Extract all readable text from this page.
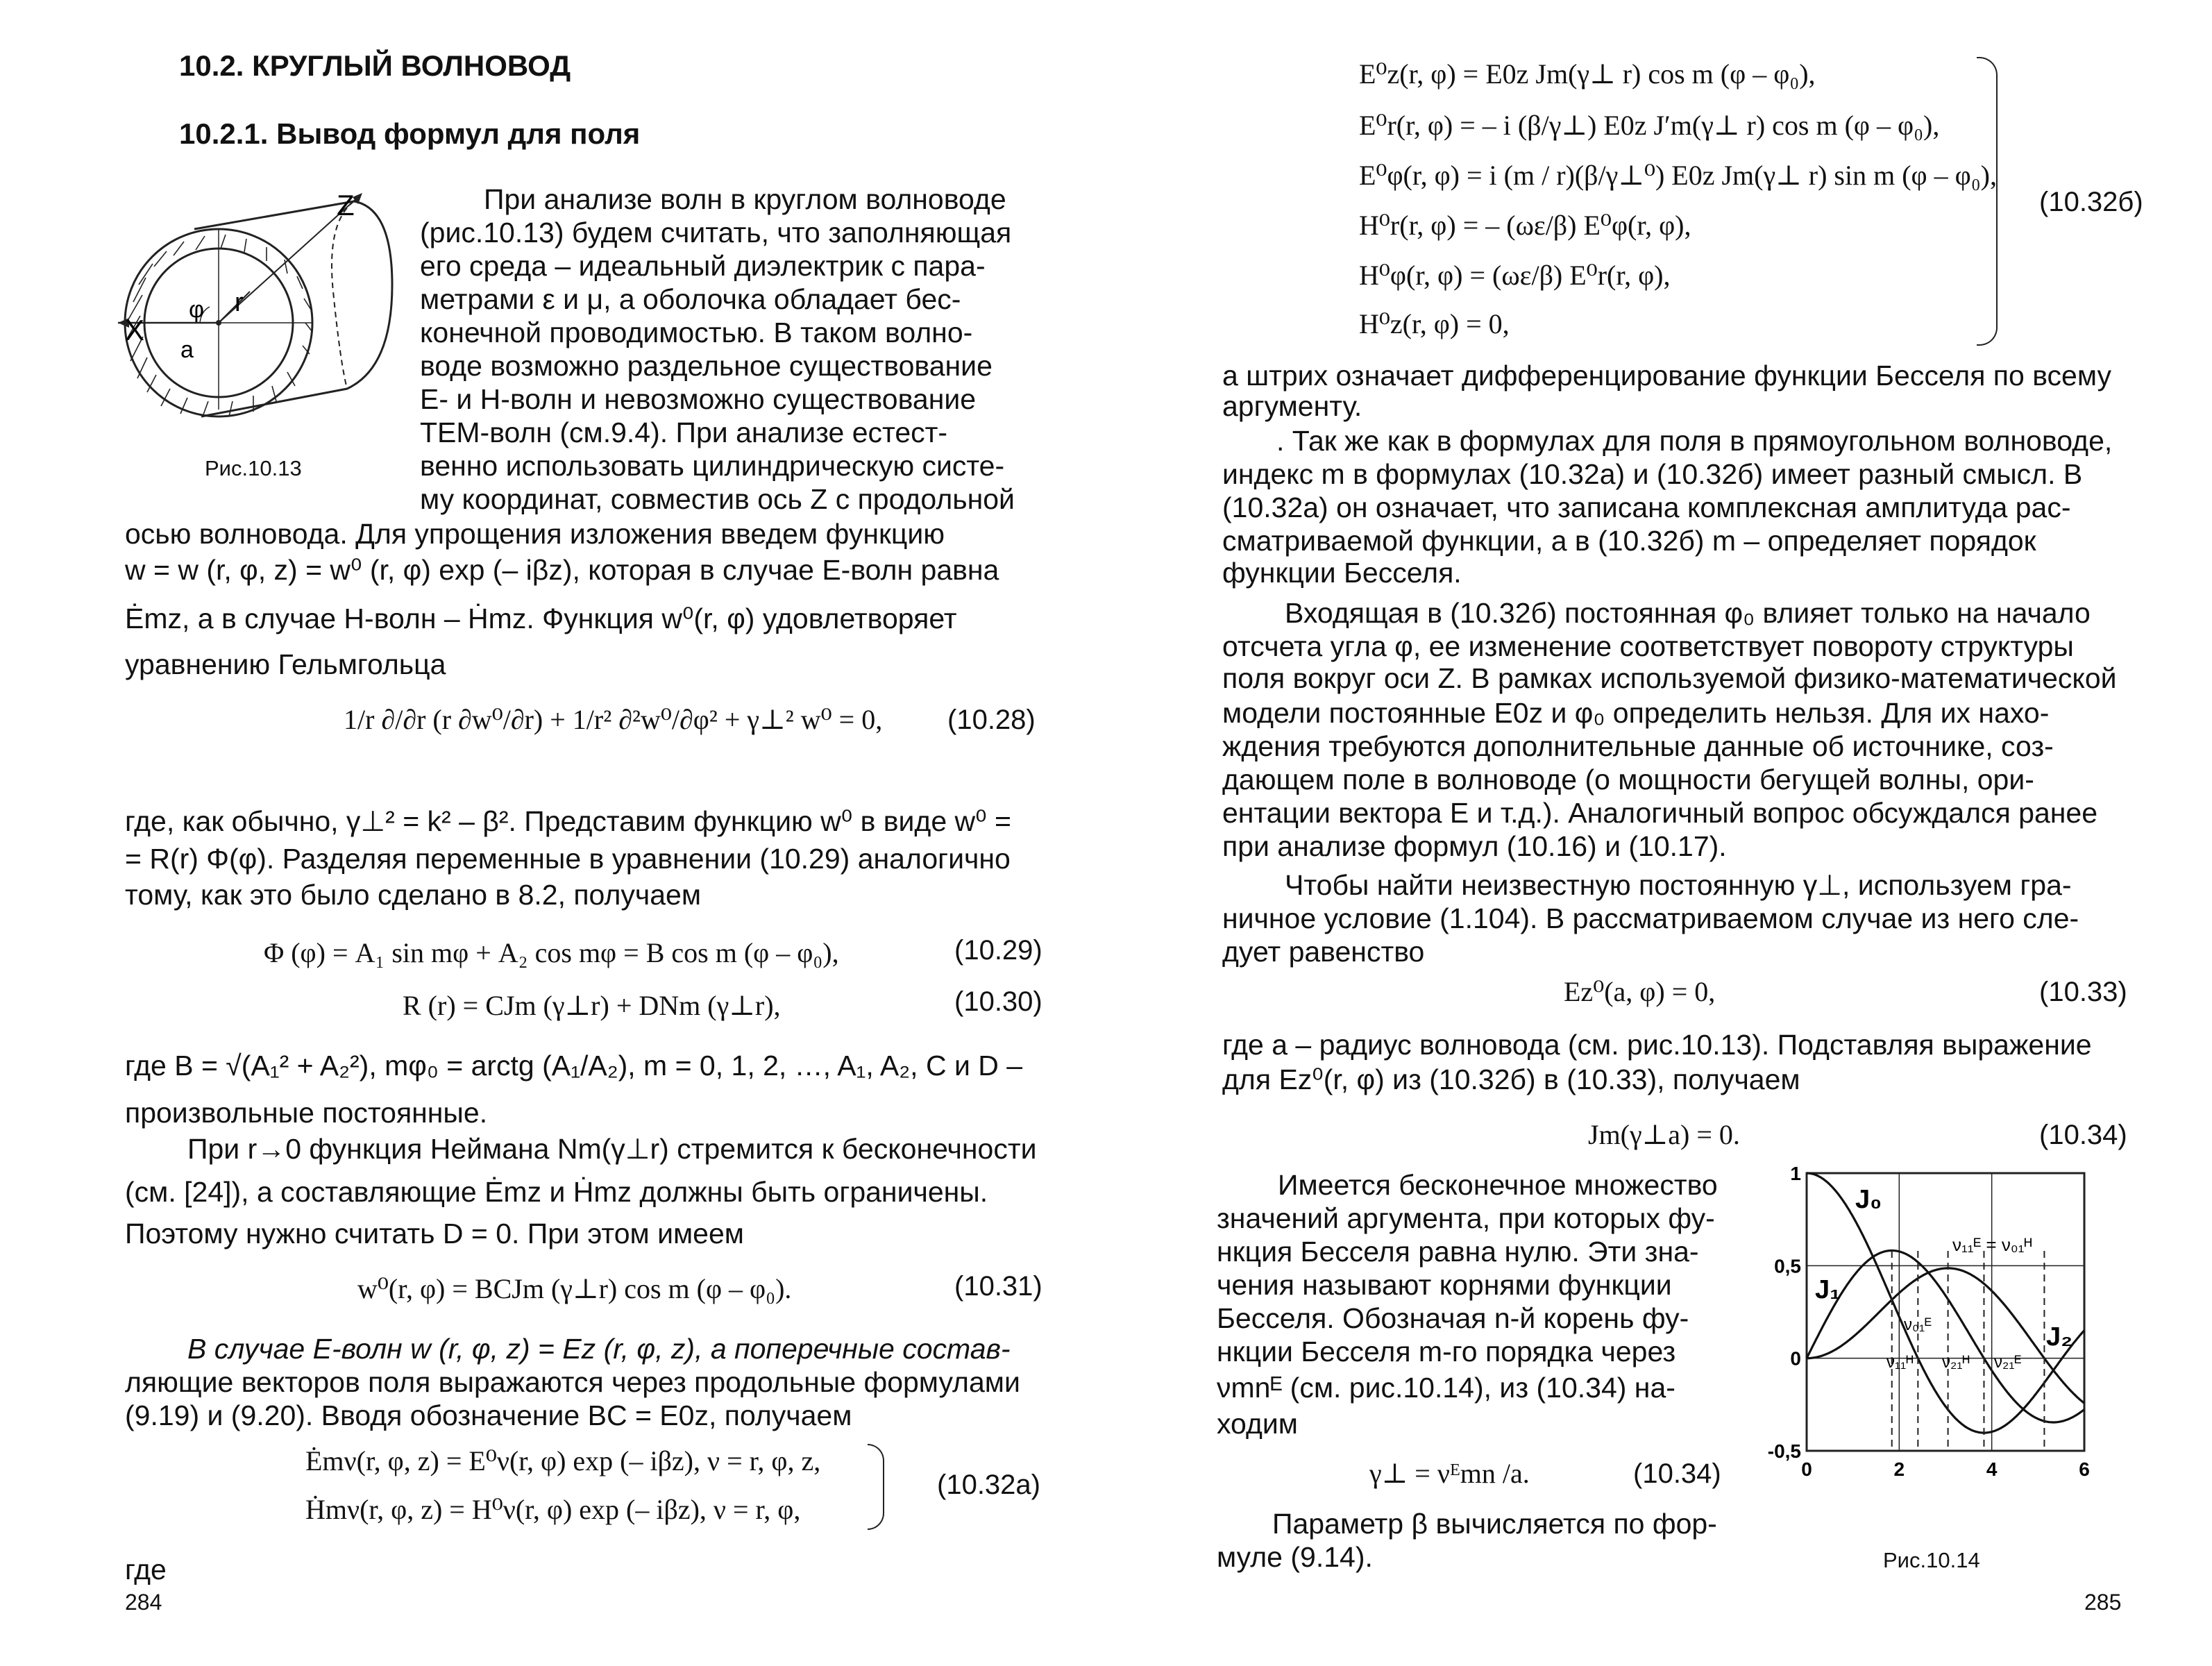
10.2. КРУГЛЫЙ ВОЛНОВОД
10.2.1. Вывод формул для поля
Z
X
r
φ
a
Рис.10.13
При анализе волн в круглом волноводе
(рис.10.13) будем считать, что заполняющая
его среда – идеальный диэлектрик с пара-
метрами ε и μ, а оболочка обладает бес-
конечной проводимостью. В таком волно-
воде возможно раздельное существование
E- и H-волн и невозможно существование
TEM-волн (см.9.4). При анализе естест-
венно использовать цилиндрическую систе-
му координат, совместив ось Z с продольной
осью волновода. Для упрощения изложения введем функцию
w = w (r, φ, z) = w⁰ (r, φ) exp (– iβz), которая в случае E-волн равна
Ėmz, а в случае H-волн – Ḣmz. Функция w⁰(r, φ) удовлетворяет
уравнению Гельмгольца
1/r ∂/∂r (r ∂w⁰/∂r) + 1/r² ∂²w⁰/∂φ² + γ⊥² w⁰ = 0, (10.28)
где, как обычно, γ⊥² = k² – β². Представим функцию w⁰ в виде w⁰ =
= R(r) Φ(φ). Разделяя переменные в уравнении (10.29) аналогично
тому, как это было сделано в 8.2, получаем
Φ (φ) = A₁ sin mφ + A₂ cos mφ = B cos m (φ – φ₀),	(10.29)
R (r) = CJm (γ⊥r) + DNm (γ⊥r),	(10.30)
где B = √(A₁² + A₂²), mφ₀ = arctg (A₁/A₂), m = 0, 1, 2, …, A₁, A₂, C и D –
произвольные постоянные.
При r→0 функция Неймана Nm(γ⊥r) стремится к бесконечности
(см. [24]), а составляющие Ėmz и Ḣmz должны быть ограничены.
Поэтому нужно считать D = 0. При этом имеем
w⁰(r, φ) = BCJm (γ⊥r) cos m (φ – φ₀).	(10.31)
В случае E-волн w (r, φ, z) = Ez (r, φ, z), а поперечные состав-
ляющие векторов поля выражаются через продольные формулами
(9.19) и (9.20). Вводя обозначение BC = E0z, получаем
Ėmν(r, φ, z) = E⁰ν(r, φ) exp (– iβz), ν = r, φ, z,
Ḣmν(r, φ, z) = H⁰ν(r, φ) exp (– iβz), ν = r, φ,
(10.32а)
где
284
E⁰z(r, φ) = E0z Jm(γ⊥ r) cos m (φ – φ₀),
E⁰r(r, φ) = – i (β/γ⊥) E0z J′m(γ⊥ r) cos m (φ – φ₀),
E⁰φ(r, φ) = i (m / r)(β/γ⊥⁰) E0z Jm(γ⊥ r) sin m (φ – φ₀),
H⁰r(r, φ) = – (ωε/β) E⁰φ(r, φ),
H⁰φ(r, φ) = (ωε/β) E⁰r(r, φ),
H⁰z(r, φ) = 0,
(10.32б)
а штрих означает дифференцирование функции Бесселя по всему
аргументу.
. Так же как в формулах для поля в прямоугольном волноводе,
индекс m в формулах (10.32а) и (10.32б) имеет разный смысл. В
(10.32а) он означает, что записана комплексная амплитуда рас-
сматриваемой функции, а в (10.32б) m – определяет порядок
функции Бесселя.
Входящая в (10.32б) постоянная φ₀ влияет только на начало
отсчета угла φ, ее изменение соответствует повороту структуры
поля вокруг оси Z. В рамках используемой физико-математической
модели постоянные E0z и φ₀ определить нельзя. Для их нахо-
ждения требуются дополнительные данные об источнике, соз-
дающем поле в волноводе (о мощности бегущей волны, ори-
ентации вектора E и т.д.). Аналогичный вопрос обсуждался ранее
при анализе формул (10.16) и (10.17).
Чтобы найти неизвестную постоянную γ⊥, используем гра-
ничное условие (1.104). В рассматриваемом случае из него сле-
дует равенство
Ez⁰(a, φ) = 0,	(10.33)
где a – радиус волновода (см. рис.10.13). Подставляя выражение
для Ez⁰(r, φ) из (10.32б) в (10.33), получаем
Jm(γ⊥a) = 0.	(10.34)
Имеется бесконечное множество
значений аргумента, при которых фу-
нкция Бесселя равна нулю. Эти зна-
чения называют корнями функции
Бесселя. Обозначая n-й корень фу-
нкции Бесселя m-го порядка через
νmnᴱ (см. рис.10.14), из (10.34) на-
ходим
γ⊥ = νᴱmn /a.	(10.34)
Параметр β вычисляется по фор-
муле (9.14).
0	2	4	6
1
0,5
0
-0,5
J₀
J₁
J₂
ν₁₁ᴱ = ν₀₁ᴴ
ν₀₁ᴱ
ν₁₁ᴴ ν₂₁ᴴ ν₂₁ᴱ
Рис.10.14
285
